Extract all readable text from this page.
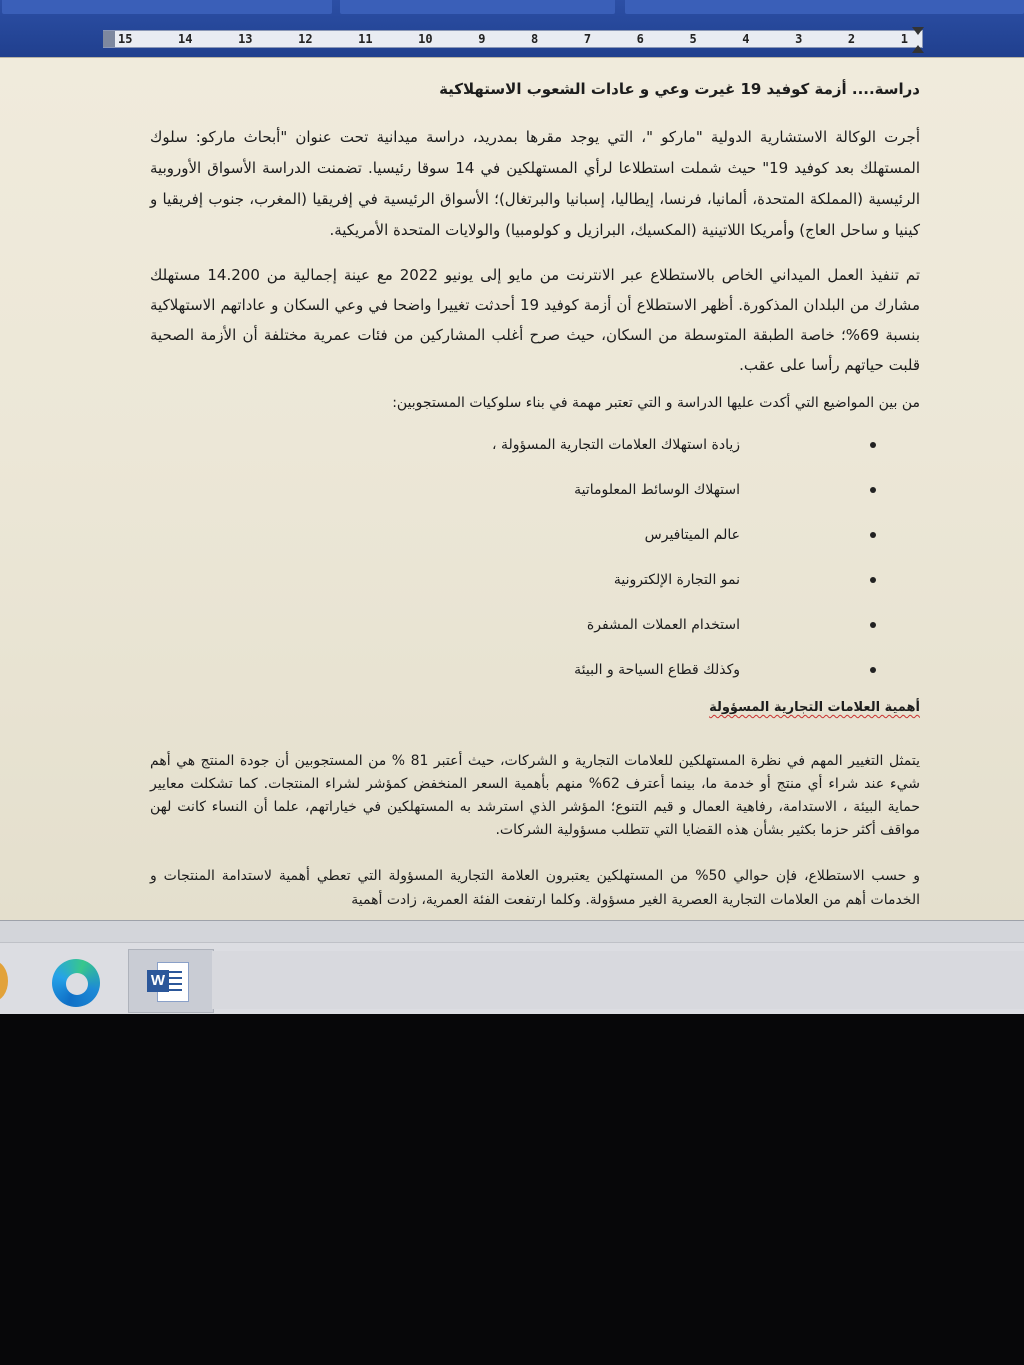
1
2
3
4
5
6
7
8
9
10
11
12
13
14
15

دراسة.... أزمة كوفيد 19 غيرت وعي و عادات الشعوب الاستهلاكية

أجرت الوكالة الاستشارية الدولية "ماركو "، التي يوجد مقرها بمدريد، دراسة ميدانية تحت عنوان "أبحاث ماركو: سلوك المستهلك بعد كوفيد 19" حيث شملت استطلاعا لرأي المستهلكين في 14 سوقا رئيسيا. تضمنت الدراسة الأسواق الأوروبية الرئيسية (المملكة المتحدة، ألمانيا، فرنسا، إيطاليا، إسبانيا والبرتغال)؛ الأسواق الرئيسية في إفريقيا (المغرب، جنوب إفريقيا و كينيا و ساحل العاج) وأمريكا اللاتينية (المكسيك، البرازيل و كولومبيا) والولايات المتحدة الأمريكية.

تم تنفيذ العمل الميداني الخاص بالاستطلاع عبر الانترنت من مايو إلى يونيو 2022 مع عينة إجمالية من 14.200 مستهلك مشارك من البلدان المذكورة. أظهر الاستطلاع أن أزمة كوفيد 19 أحدثت تغييرا واضحا في وعي السكان و عاداتهم الاستهلاكية بنسبة 69%؛ خاصة الطبقة المتوسطة من السكان، حيث صرح أغلب المشاركين من فئات عمرية مختلفة أن الأزمة الصحية قلبت حياتهم رأسا على عقب.

من بين المواضيع التي أكدت عليها الدراسة و التي تعتبر مهمة في بناء سلوكيات المستجوبين:

زيادة استهلاك العلامات التجارية المسؤولة ،
استهلاك الوسائط المعلوماتية
عالم الميتافيرس
نمو التجارة الإلكترونية
استخدام العملات المشفرة
وكذلك قطاع السياحة و البيئة

أهمية العلامات التجارية المسؤولة

يتمثل التغيير المهم في نظرة المستهلكين للعلامات التجارية و الشركات، حيث أعتبر 81 % من المستجوبين أن جودة المنتج هي أهم شيء عند شراء أي منتج أو خدمة ما، بينما أعترف 62% منهم بأهمية السعر المنخفض كمؤشر لشراء المنتجات. كما تشكلت معايير حماية البيئة ، الاستدامة، رفاهية العمال و قيم التنوع؛ المؤشر الذي استرشد به المستهلكين في خياراتهم، علما أن النساء كانت لهن مواقف أكثر حزما بكثير بشأن هذه القضايا التي تتطلب مسؤولية الشركات.

و حسب الاستطلاع، فإن حوالي 50% من المستهلكين يعتبرون العلامة التجارية المسؤولة التي تعطي أهمية لاستدامة المنتجات و الخدمات أهم من العلامات التجارية العصرية الغير مسؤولة. وكلما ارتفعت الفئة العمرية، زادت أهمية

W
